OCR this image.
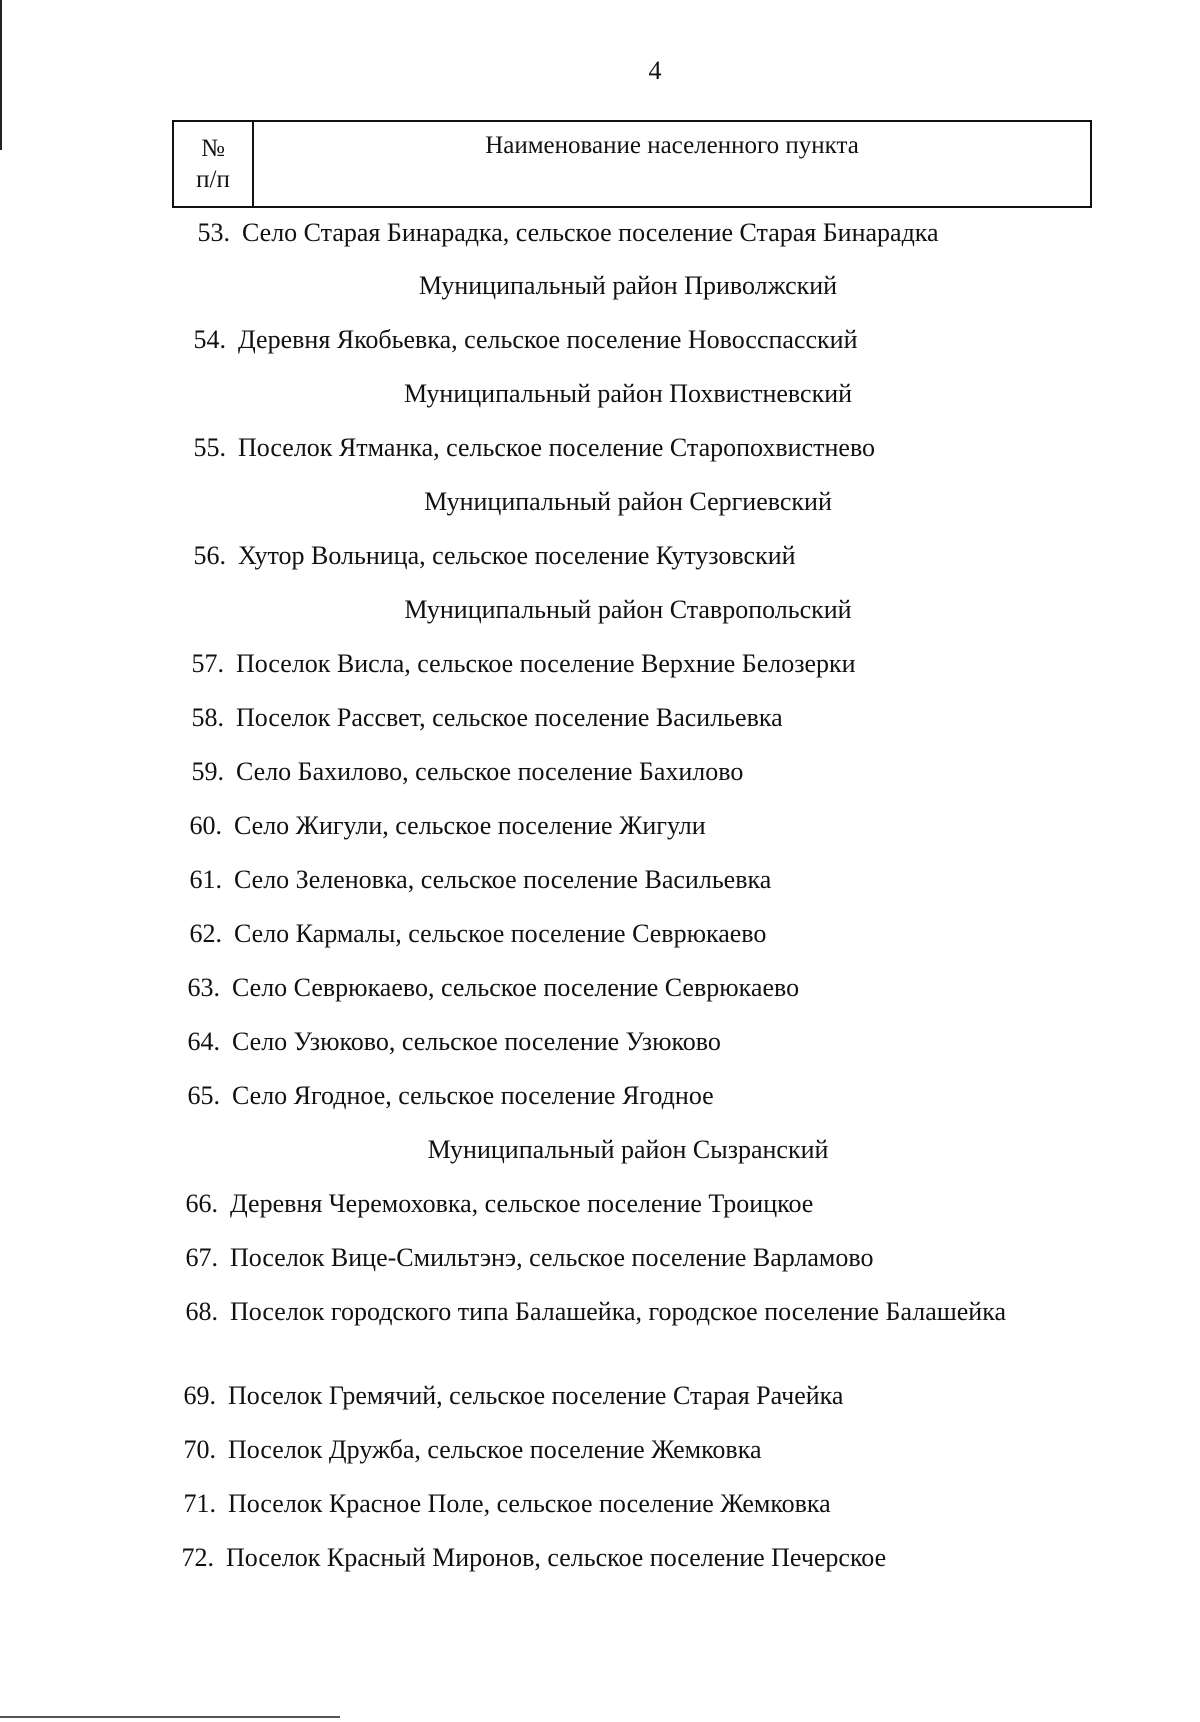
4
№
п/п
Наименование населенного пункта
53. Село Старая Бинарадка, сельское поселение Старая Бинарадка
Муниципальный район Приволжский
54. Деревня Якобьевка, сельское поселение Новосспасский
Муниципальный район Похвистневский
55. Поселок Ятманка, сельское поселение Старопохвистнево
Муниципальный район Сергиевский
56. Хутор Вольница, сельское поселение Кутузовский
Муниципальный район Ставропольский
57. Поселок Висла, сельское поселение Верхние Белозерки
58. Поселок Рассвет, сельское поселение Васильевка
59. Село Бахилово, сельское поселение Бахилово
60. Село Жигули, сельское поселение Жигули
61. Село Зеленовка, сельское поселение Васильевка
62. Село Кармалы, сельское поселение Севрюкаево
63. Село Севрюкаево, сельское поселение Севрюкаево
64. Село Узюково, сельское поселение Узюково
65. Село Ягодное, сельское поселение Ягодное
Муниципальный район Сызранский
66. Деревня Черемоховка, сельское поселение Троицкое
67. Поселок Вице-Смильтэнэ, сельское поселение Варламово
68. Поселок городского типа Балашейка, городское поселение Балашейка
69. Поселок Гремячий, сельское поселение Старая Рачейка
70. Поселок Дружба, сельское поселение Жемковка
71. Поселок Красное Поле, сельское поселение Жемковка
72. Поселок Красный Миронов, сельское поселение Печерское
